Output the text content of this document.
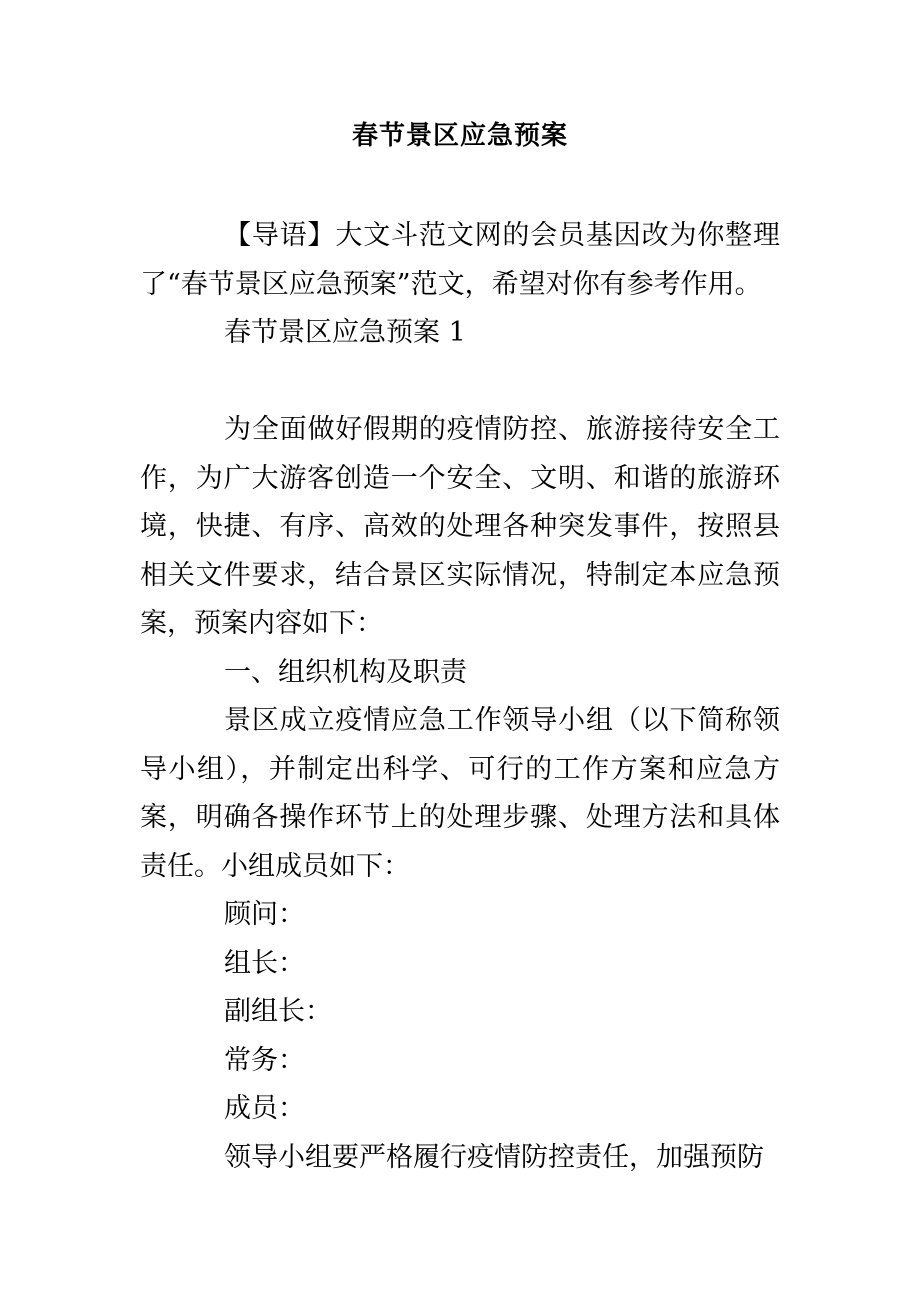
春节景区应急预案

【导语】大文斗范文网的会员基因改为你整理了“春节景区应急预案”范文，希望对你有参考作用。

春节景区应急预案 1

为全面做好假期的疫情防控、旅游接待安全工作，为广大游客创造一个安全、文明、和谐的旅游环境，快捷、有序、高效的处理各种突发事件，按照县相关文件要求，结合景区实际情况，特制定本应急预案，预案内容如下：

一、组织机构及职责

景区成立疫情应急工作领导小组（以下简称领导小组），并制定出科学、可行的工作方案和应急方案，明确各操作环节上的处理步骤、处理方法和具体责任。小组成员如下：

顾问：

组长：

副组长：

常务：

成员：

领导小组要严格履行疫情防控责任，加强预防
